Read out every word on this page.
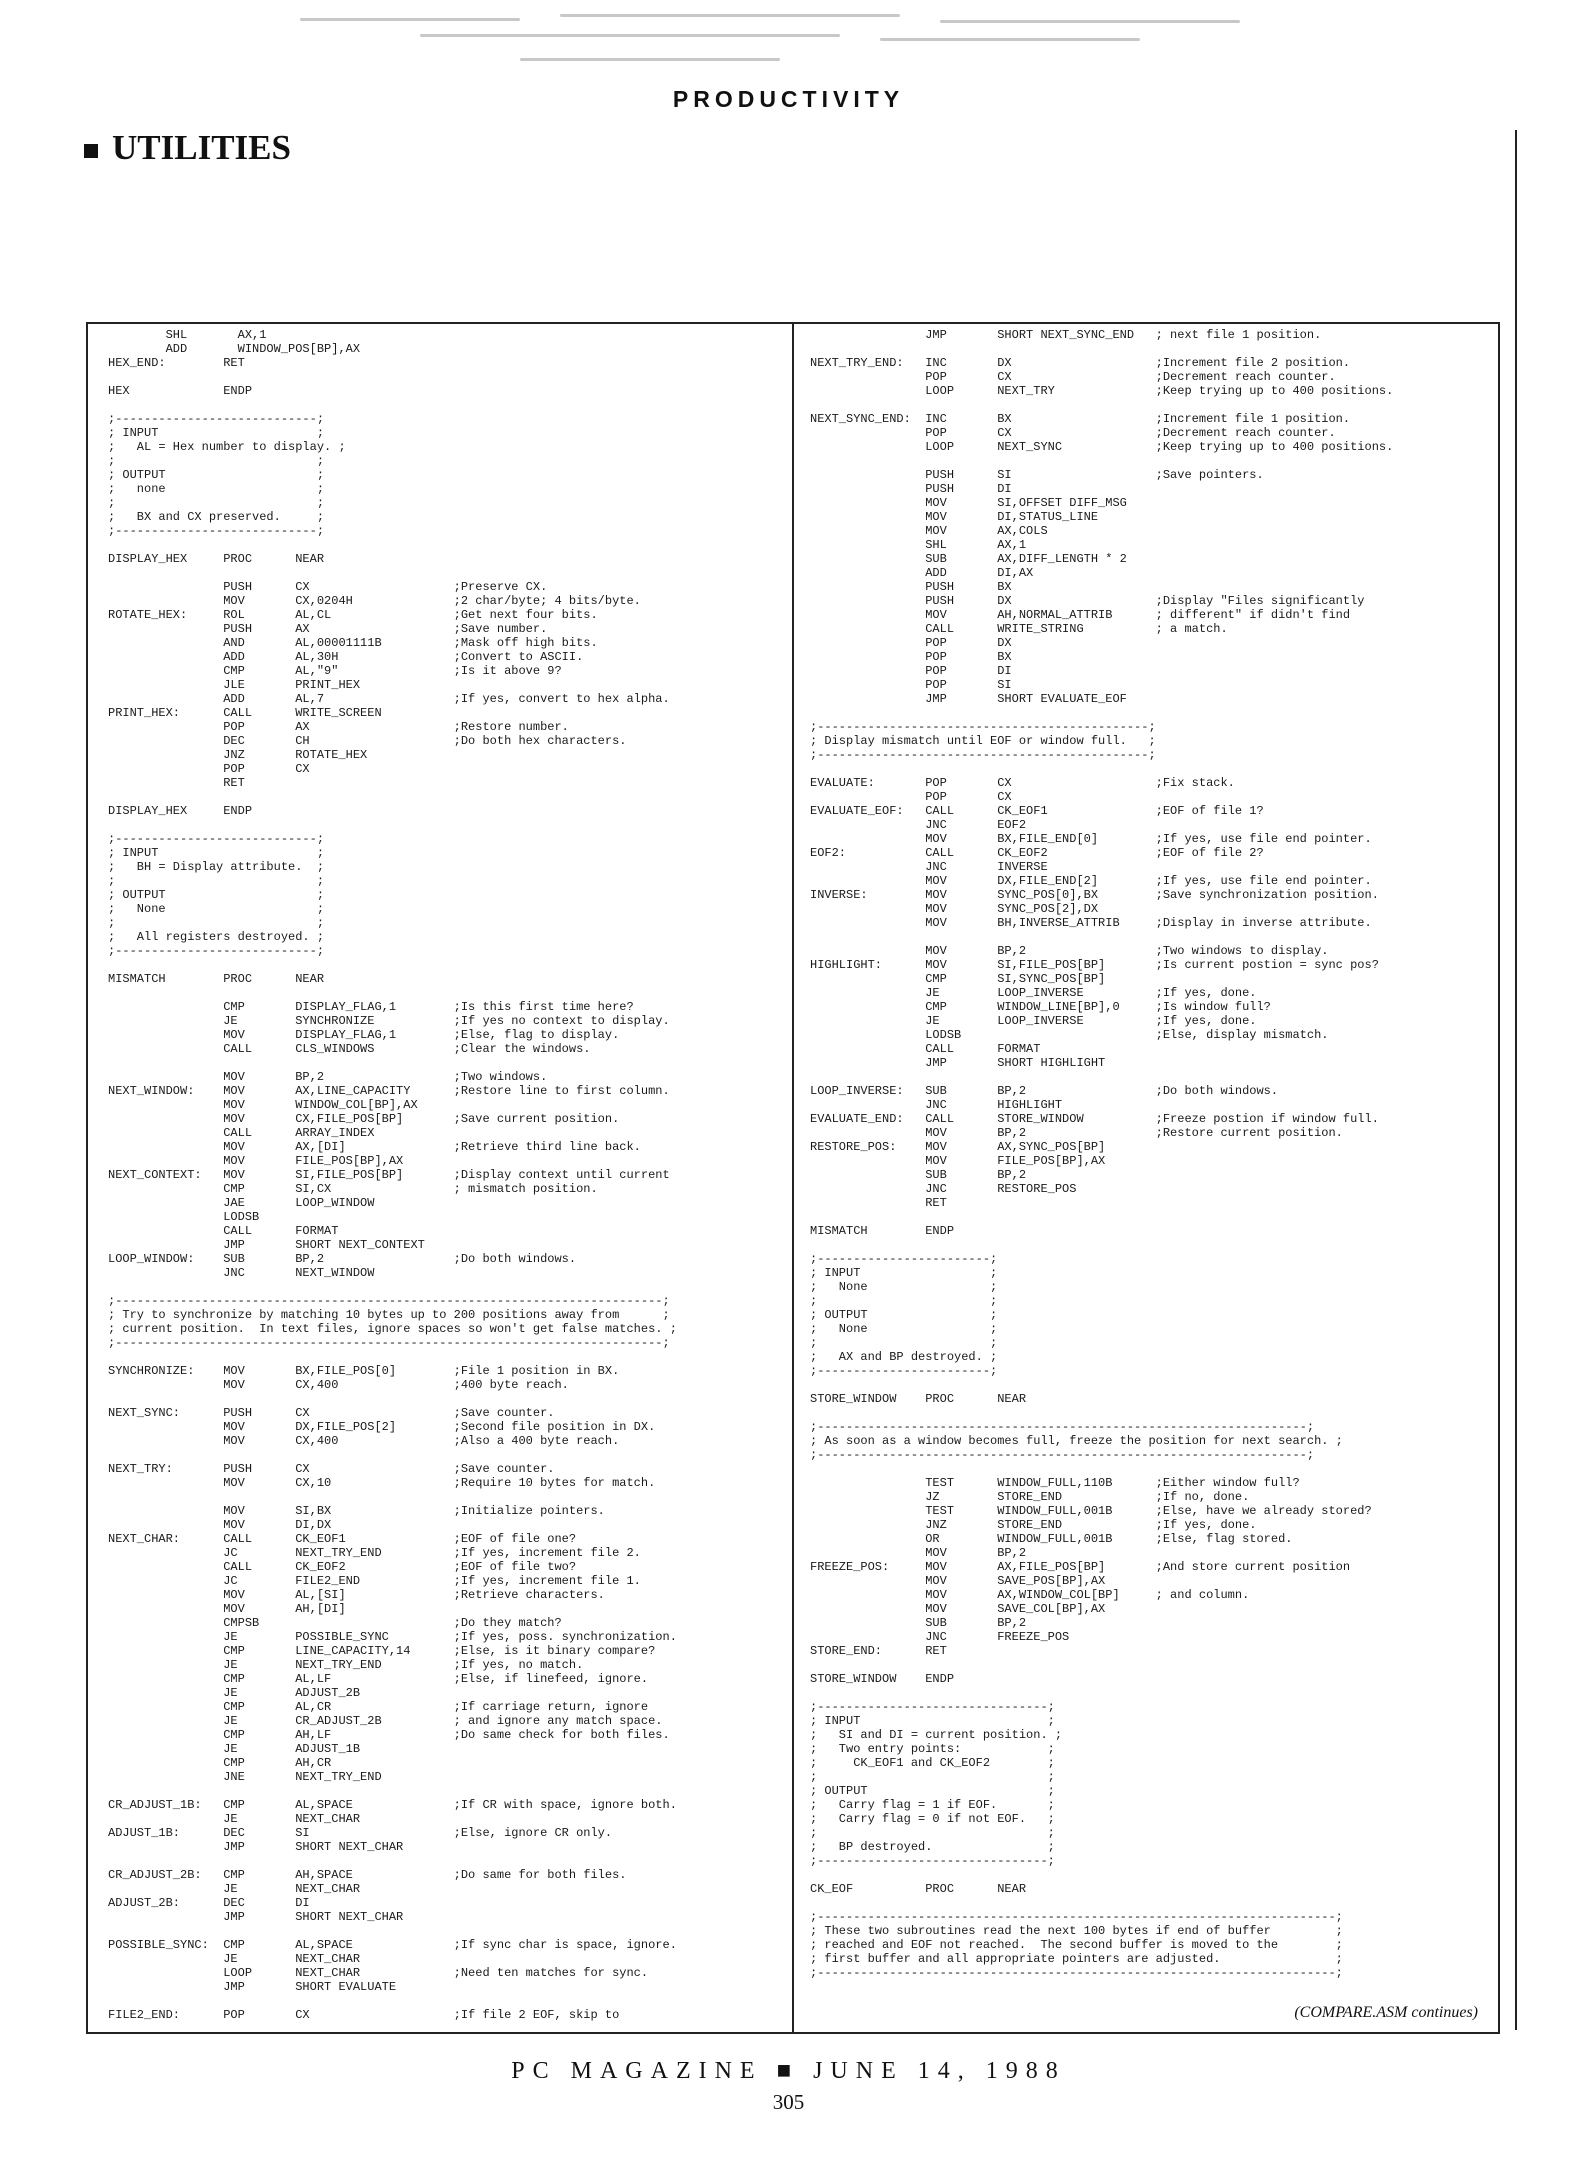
PRODUCTIVITY
UTILITIES
SHL       AX,1
ADD       WINDOW_POS[BP],AX
HEX_END:        RET

HEX             ENDP

;----------------------------;
; INPUT                      ;
;   AL = Hex number to display. ;
;                            ;
; OUTPUT                     ;
;   none                     ;
;                            ;
;   BX and CX preserved.     ;
;----------------------------;

DISPLAY_HEX     PROC      NEAR

PUSH      CX                    ;Preserve CX.
MOV       CX,0204H              ;2 char/byte; 4 bits/byte.
ROTATE_HEX:     ROL       AL,CL                 ;Get next four bits.
PUSH      AX                    ;Save number.
AND       AL,00001111B          ;Mask off high bits.
ADD       AL,30H                ;Convert to ASCII.
CMP       AL,"9"                ;Is it above 9?
JLE       PRINT_HEX
ADD       AL,7                  ;If yes, convert to hex alpha.
PRINT_HEX:      CALL      WRITE_SCREEN
POP       AX                    ;Restore number.
DEC       CH                    ;Do both hex characters.
JNZ       ROTATE_HEX
POP       CX
RET

DISPLAY_HEX     ENDP

;----------------------------;
; INPUT                      ;
;   BH = Display attribute.  ;
;                            ;
; OUTPUT                     ;
;   None                     ;
;                            ;
;   All registers destroyed. ;
;----------------------------;

MISMATCH        PROC      NEAR

CMP       DISPLAY_FLAG,1        ;Is this first time here?
JE        SYNCHRONIZE           ;If yes no context to display.
MOV       DISPLAY_FLAG,1        ;Else, flag to display.
CALL      CLS_WINDOWS           ;Clear the windows.

MOV       BP,2                  ;Two windows.
NEXT_WINDOW:    MOV       AX,LINE_CAPACITY      ;Restore line to first column.
MOV       WINDOW_COL[BP],AX
MOV       CX,FILE_POS[BP]       ;Save current position.
CALL      ARRAY_INDEX
MOV       AX,[DI]               ;Retrieve third line back.
MOV       FILE_POS[BP],AX
NEXT_CONTEXT:   MOV       SI,FILE_POS[BP]       ;Display context until current
CMP       SI,CX                 ; mismatch position.
JAE       LOOP_WINDOW
LODSB
CALL      FORMAT
JMP       SHORT NEXT_CONTEXT
LOOP_WINDOW:    SUB       BP,2                  ;Do both windows.
JNC       NEXT_WINDOW

;----------------------------------------------------------------------------;
; Try to synchronize by matching 10 bytes up to 200 positions away from      ;
; current position.  In text files, ignore spaces so won't get false matches. ;
;----------------------------------------------------------------------------;

SYNCHRONIZE:    MOV       BX,FILE_POS[0]        ;File 1 position in BX.
MOV       CX,400                ;400 byte reach.

NEXT_SYNC:      PUSH      CX                    ;Save counter.
MOV       DX,FILE_POS[2]        ;Second file position in DX.
MOV       CX,400                ;Also a 400 byte reach.

NEXT_TRY:       PUSH      CX                    ;Save counter.
MOV       CX,10                 ;Require 10 bytes for match.

MOV       SI,BX                 ;Initialize pointers.
MOV       DI,DX
NEXT_CHAR:      CALL      CK_EOF1               ;EOF of file one?
JC        NEXT_TRY_END          ;If yes, increment file 2.
CALL      CK_EOF2               ;EOF of file two?
JC        FILE2_END             ;If yes, increment file 1.
MOV       AL,[SI]               ;Retrieve characters.
MOV       AH,[DI]
CMPSB                           ;Do they match?
JE        POSSIBLE_SYNC         ;If yes, poss. synchronization.
CMP       LINE_CAPACITY,14      ;Else, is it binary compare?
JE        NEXT_TRY_END          ;If yes, no match.
CMP       AL,LF                 ;Else, if linefeed, ignore.
JE        ADJUST_2B
CMP       AL,CR                 ;If carriage return, ignore
JE        CR_ADJUST_2B          ; and ignore any match space.
CMP       AH,LF                 ;Do same check for both files.
JE        ADJUST_1B
CMP       AH,CR
JNE       NEXT_TRY_END

CR_ADJUST_1B:   CMP       AL,SPACE              ;If CR with space, ignore both.
JE        NEXT_CHAR
ADJUST_1B:      DEC       SI                    ;Else, ignore CR only.
JMP       SHORT NEXT_CHAR

CR_ADJUST_2B:   CMP       AH,SPACE              ;Do same for both files.
JE        NEXT_CHAR
ADJUST_2B:      DEC       DI
JMP       SHORT NEXT_CHAR

POSSIBLE_SYNC:  CMP       AL,SPACE              ;If sync char is space, ignore.
JE        NEXT_CHAR
LOOP      NEXT_CHAR             ;Need ten matches for sync.
JMP       SHORT EVALUATE

FILE2_END:      POP       CX                    ;If file 2 EOF, skip to
JMP       SHORT NEXT_SYNC_END   ; next file 1 position.

NEXT_TRY_END:   INC       DX                    ;Increment file 2 position.
POP       CX                    ;Decrement reach counter.
LOOP      NEXT_TRY              ;Keep trying up to 400 positions.

NEXT_SYNC_END:  INC       BX                    ;Increment file 1 position.
POP       CX                    ;Decrement reach counter.
LOOP      NEXT_SYNC             ;Keep trying up to 400 positions.

PUSH      SI                    ;Save pointers.
PUSH      DI
MOV       SI,OFFSET DIFF_MSG
MOV       DI,STATUS_LINE
MOV       AX,COLS
SHL       AX,1
SUB       AX,DIFF_LENGTH * 2
ADD       DI,AX
PUSH      BX
PUSH      DX                    ;Display "Files significantly
MOV       AH,NORMAL_ATTRIB      ; different" if didn't find
CALL      WRITE_STRING          ; a match.
POP       DX
POP       BX
POP       DI
POP       SI
JMP       SHORT EVALUATE_EOF

;----------------------------------------------;
; Display mismatch until EOF or window full.   ;
;----------------------------------------------;

EVALUATE:       POP       CX                    ;Fix stack.
POP       CX
EVALUATE_EOF:   CALL      CK_EOF1               ;EOF of file 1?
JNC       EOF2
MOV       BX,FILE_END[0]        ;If yes, use file end pointer.
EOF2:           CALL      CK_EOF2               ;EOF of file 2?
JNC       INVERSE
MOV       DX,FILE_END[2]        ;If yes, use file end pointer.
INVERSE:        MOV       SYNC_POS[0],BX        ;Save synchronization position.
MOV       SYNC_POS[2],DX
MOV       BH,INVERSE_ATTRIB     ;Display in inverse attribute.

MOV       BP,2                  ;Two windows to display.
HIGHLIGHT:      MOV       SI,FILE_POS[BP]       ;Is current postion = sync pos?
CMP       SI,SYNC_POS[BP]
JE        LOOP_INVERSE          ;If yes, done.
CMP       WINDOW_LINE[BP],0     ;Is window full?
JE        LOOP_INVERSE          ;If yes, done.
LODSB                           ;Else, display mismatch.
CALL      FORMAT
JMP       SHORT HIGHLIGHT

LOOP_INVERSE:   SUB       BP,2                  ;Do both windows.
JNC       HIGHLIGHT
EVALUATE_END:   CALL      STORE_WINDOW          ;Freeze postion if window full.
MOV       BP,2                  ;Restore current position.
RESTORE_POS:    MOV       AX,SYNC_POS[BP]
MOV       FILE_POS[BP],AX
SUB       BP,2
JNC       RESTORE_POS
RET

MISMATCH        ENDP

;------------------------;
; INPUT                  ;
;   None                 ;
;                        ;
; OUTPUT                 ;
;   None                 ;
;                        ;
;   AX and BP destroyed. ;
;------------------------;

STORE_WINDOW    PROC      NEAR

;--------------------------------------------------------------------;
; As soon as a window becomes full, freeze the position for next search. ;
;--------------------------------------------------------------------;

TEST      WINDOW_FULL,110B      ;Either window full?
JZ        STORE_END             ;If no, done.
TEST      WINDOW_FULL,001B      ;Else, have we already stored?
JNZ       STORE_END             ;If yes, done.
OR        WINDOW_FULL,001B      ;Else, flag stored.
MOV       BP,2
FREEZE_POS:     MOV       AX,FILE_POS[BP]       ;And store current position
MOV       SAVE_POS[BP],AX
MOV       AX,WINDOW_COL[BP]     ; and column.
MOV       SAVE_COL[BP],AX
SUB       BP,2
JNC       FREEZE_POS
STORE_END:      RET

STORE_WINDOW    ENDP

;--------------------------------;
; INPUT                          ;
;   SI and DI = current position. ;
;   Two entry points:            ;
;     CK_EOF1 and CK_EOF2        ;
;                                ;
; OUTPUT                         ;
;   Carry flag = 1 if EOF.       ;
;   Carry flag = 0 if not EOF.   ;
;                                ;
;   BP destroyed.                ;
;--------------------------------;

CK_EOF          PROC      NEAR

;------------------------------------------------------------------------;
; These two subroutines read the next 100 bytes if end of buffer         ;
; reached and EOF not reached.  The second buffer is moved to the        ;
; first buffer and all appropriate pointers are adjusted.                ;
;------------------------------------------------------------------------;
(COMPARE.ASM continues)
PC MAGAZINE ■ JUNE 14, 1988
305
